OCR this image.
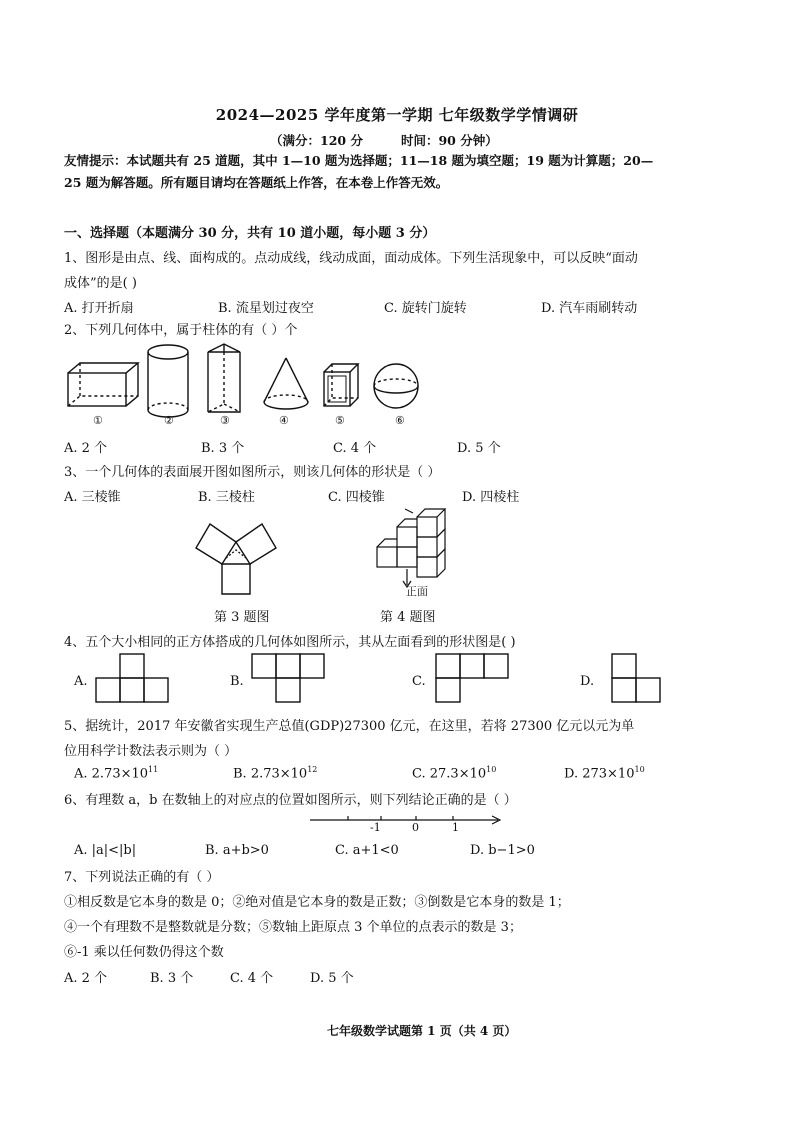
2024—2025 学年度第一学期 七年级数学学情调研
（满分：120 分	时间：90 分钟）
友情提示：本试题共有 25 道题，其中 1—10 题为选择题；11—18 题为填空题；19 题为计算题；20—
25 题为解答题。所有题目请均在答题纸上作答，在本卷上作答无效。
一、选择题（本题满分 30 分，共有 10 道小题，每小题 3 分）
1、图形是由点、线、面构成的。点动成线，线动成面，面动成体。下列生活现象中，可以反映“面动
成体”的是( )
A. 打开折扇	B. 流星划过夜空	C. 旋转门旋转	D. 汽车雨刷转动
2、下列几何体中，属于柱体的有（ ）个
①	②	③	④	⑤	⑥
A. 2 个	B. 3 个	C. 4 个	D. 5 个
3、一个几何体的表面展开图如图所示，则该几何体的形状是（ ）
A. 三棱锥	B. 三棱柱	C. 四棱锥	D. 四棱柱
正面
第 3 题图	第 4 题图
4、五个大小相同的正方体搭成的几何体如图所示，其从左面看到的形状图是( )
A.	B.	C.	D.
5、据统计，2017 年安徽省实现生产总值(GDP)27300 亿元，在这里，若将 27300 亿元以元为单
位用科学计数法表示则为（ ）
A. $2.73\times 10^{11}$	B. $2.73\times 10^{12}$	C. $27.3\times 10^{10}$	D. $273\times 10^{10}$
6、有理数 a，b 在数轴上的对应点的位置如图所示，则下列结论正确的是（ ）
-1	0	1
A. |a|<|b|	B. a+b>0	C. a+1<0	D. b−1>0
7、下列说法正确的有（ ）
①相反数是它本身的数是 0；②绝对值是它本身的数是正数；③倒数是它本身的数是 1；
④一个有理数不是整数就是分数；⑤数轴上距原点 3 个单位的点表示的数是 3；
⑥-1 乘以任何数仍得这个数
A. 2 个	B. 3 个	C. 4 个	D. 5 个
七年级数学试题第 1 页（共 4 页）
